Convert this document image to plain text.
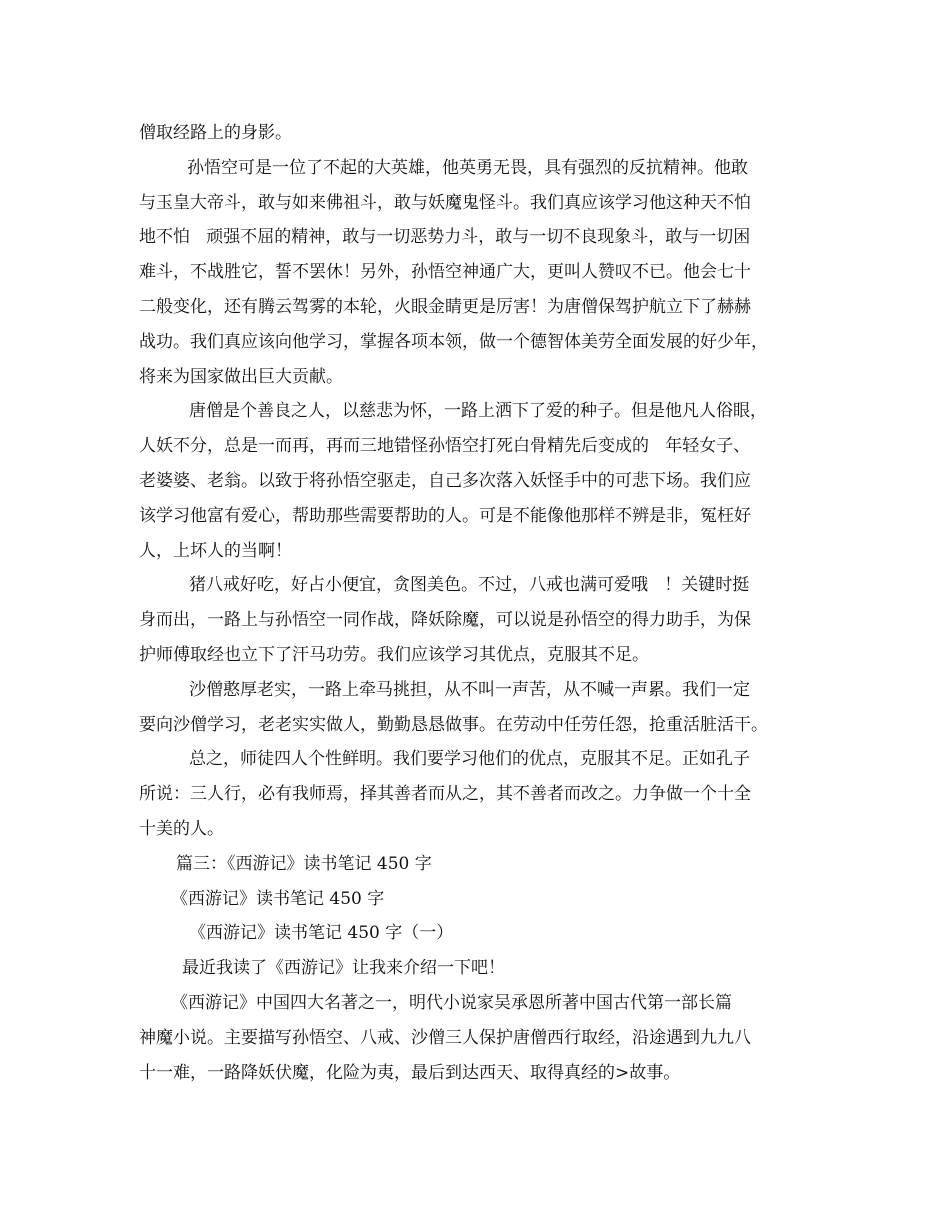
僧取经路上的身影。

孙悟空可是一位了不起的大英雄，他英勇无畏，具有强烈的反抗精神。他敢

与玉皇大帝斗，敢与如来佛祖斗，敢与妖魔鬼怪斗。我们真应该学习他这种天不怕

地不怕   顽强不屈的精神，敢与一切恶势力斗，敢与一切不良现象斗，敢与一切困

难斗，不战胜它，誓不罢休！另外，孙悟空神通广大，更叫人赞叹不已。他会七十

二般变化，还有腾云驾雾的本轮，火眼金睛更是厉害！为唐僧保驾护航立下了赫赫

战功。我们真应该向他学习，掌握各项本领，做一个德智体美劳全面发展的好少年，

将来为国家做出巨大贡献。

唐僧是个善良之人，以慈悲为怀，一路上洒下了爱的种子。但是他凡人俗眼，

人妖不分，总是一而再，再而三地错怪孙悟空打死白骨精先后变成的   年轻女子、

老婆婆、老翁。以致于将孙悟空驱走，自己多次落入妖怪手中的可悲下场。我们应

该学习他富有爱心，帮助那些需要帮助的人。可是不能像他那样不辨是非，冤枉好

人，上坏人的当啊！

猪八戒好吃，好占小便宜，贪图美色。不过，八戒也满可爱哦   ！关键时挺

身而出，一路上与孙悟空一同作战，降妖除魔，可以说是孙悟空的得力助手，为保

护师傅取经也立下了汗马功劳。我们应该学习其优点，克服其不足。

沙僧憨厚老实，一路上牵马挑担，从不叫一声苦，从不喊一声累。我们一定

要向沙僧学习，老老实实做人，勤勤恳恳做事。在劳动中任劳任怨，抢重活脏活干。

总之，师徒四人个性鲜明。我们要学习他们的优点，克服其不足。正如孔子

所说：三人行，必有我师焉，择其善者而从之，其不善者而改之。力争做一个十全

十美的人。

篇三：《西游记》读书笔记 450 字

《西游记》读书笔记 450 字

《西游记》读书笔记 450 字（一）

最近我读了《西游记》让我来介绍一下吧！

《西游记》中国四大名著之一，明代小说家吴承恩所著中国古代第一部长篇

神魔小说。主要描写孙悟空、八戒、沙僧三人保护唐僧西行取经，沿途遇到九九八

十一难，一路降妖伏魔，化险为夷，最后到达西天、取得真经的>故事。
